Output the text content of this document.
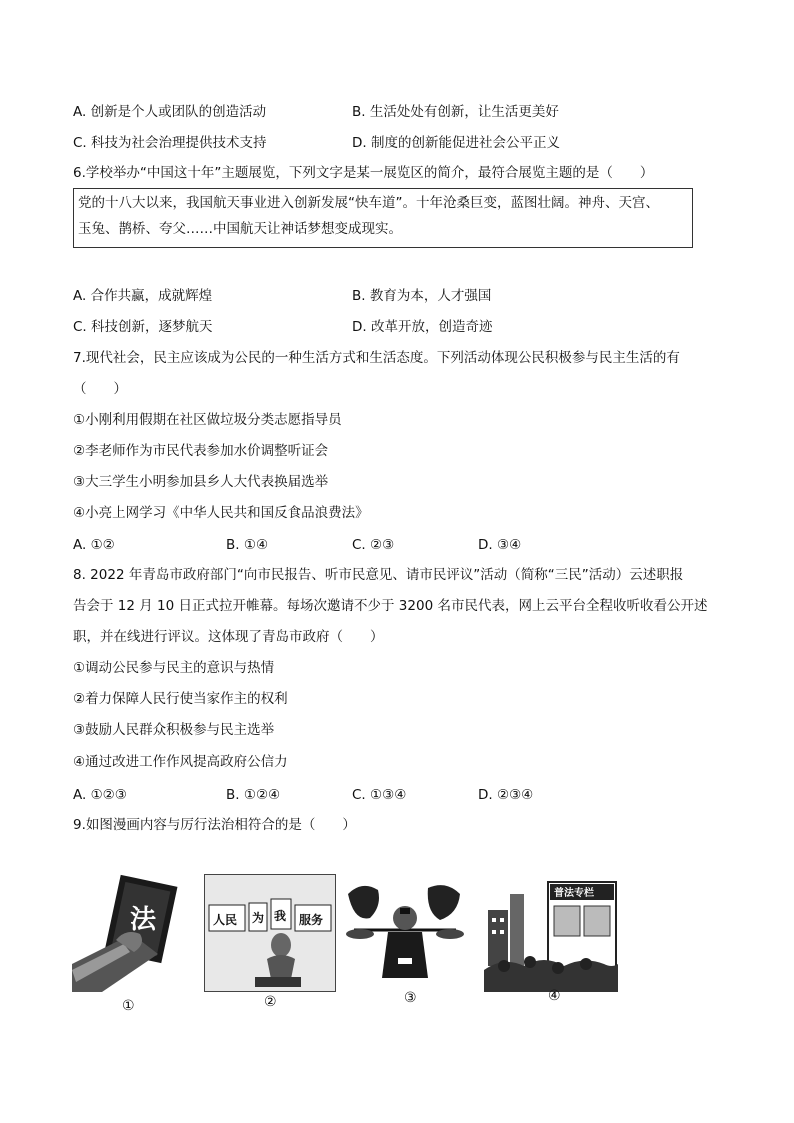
A. 创新是个人或团队的创造活动	B. 生活处处有创新，让生活更美好
C. 科技为社会治理提供技术支持	D. 制度的创新能促进社会公平正义
6.学校举办“中国这十年”主题展览，下列文字是某一展览区的简介，最符合展览主题的是（　　）
党的十八大以来，我国航天事业进入创新发展“快车道”。十年沧桑巨变，蓝图壮阔。神舟、天宫、
玉兔、鹊桥、夸父……中国航天让神话梦想变成现实。
A. 合作共赢，成就辉煌	B. 教育为本，人才强国
C. 科技创新，逐梦航天	D. 改革开放，创造奇迹
7.现代社会，民主应该成为公民的一种生活方式和生活态度。下列活动体现公民积极参与民主生活的有
（　　）
①小刚利用假期在社区做垃圾分类志愿指导员
②李老师作为市民代表参加水价调整听证会
③大三学生小明参加县乡人大代表换届选举
④小亮上网学习《中华人民共和国反食品浪费法》
A. ①②	B. ①④	C. ②③	D. ③④
8. 2022 年青岛市政府部门“向市民报告、听市民意见、请市民评议”活动（简称“三民”活动）云述职报
告会于 12 月 10 日正式拉开帷幕。每场次邀请不少于 3200 名市民代表，网上云平台全程收听收看公开述
职，并在线进行评议。这体现了青岛市政府（　　）
①调动公民参与民主的意识与热情
②着力保障人民行使当家作主的权利
③鼓励人民群众积极参与民主选举
④通过改进工作作风提高政府公信力
A. ①②③	B. ①②④	C. ①③④	D. ②③④
9.如图漫画内容与厉行法治相符合的是（　　）
法	人民 为 我 服务
普法专栏
①	②	③	④
